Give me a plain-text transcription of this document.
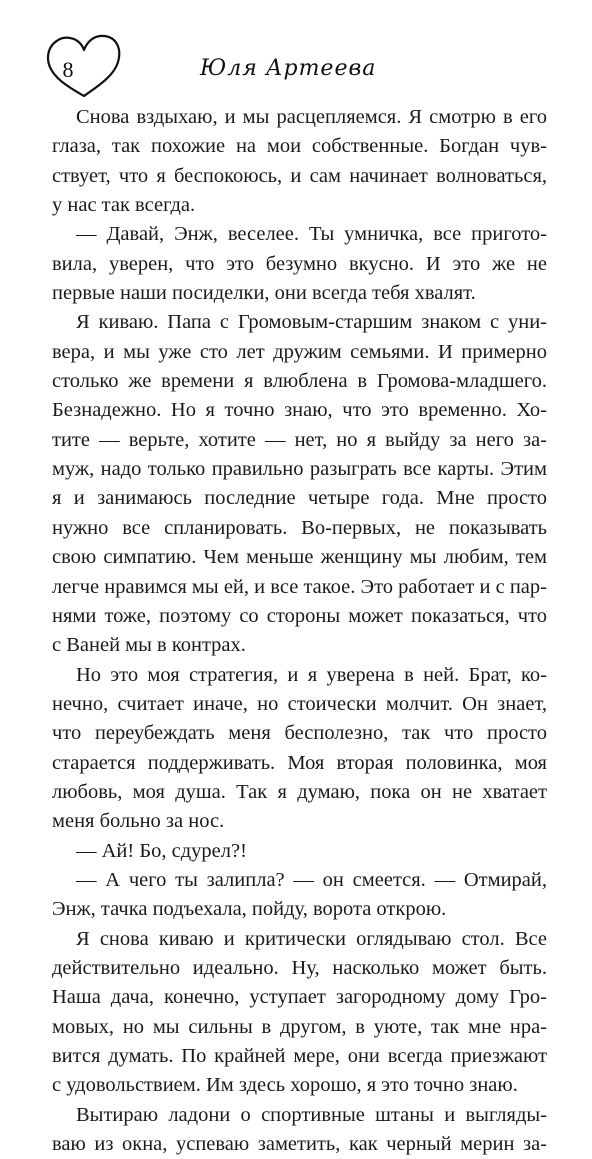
8	Юля Артеева
Снова вздыхаю, и мы расцепляемся. Я смотрю в его
глаза, так похожие на мои собственные. Богдан чув-
ствует, что я беспокоюсь, и сам начинает волноваться,
у нас так всегда.
— Давай, Энж, веселее. Ты умничка, все пригото-
вила, уверен, что это безумно вкусно. И это же не
первые наши посиделки, они всегда тебя хвалят.
Я киваю. Папа с Громовым-старшим знаком с уни-
вера, и мы уже сто лет дружим семьями. И примерно
столько же времени я влюблена в Громова-младшего.
Безнадежно. Но я точно знаю, что это временно. Хо-
тите — верьте, хотите — нет, но я выйду за него за-
муж, надо только правильно разыграть все карты. Этим
я и занимаюсь последние четыре года. Мне просто
нужно все спланировать. Во-первых, не показывать
свою симпатию. Чем меньше женщину мы любим, тем
легче нравимся мы ей, и все такое. Это работает и с пар-
нями тоже, поэтому со стороны может показаться, что
с Ваней мы в контрах.
Но это моя стратегия, и я уверена в ней. Брат, ко-
нечно, считает иначе, но стоически молчит. Он знает,
что переубеждать меня бесполезно, так что просто
старается поддерживать. Моя вторая половинка, моя
любовь, моя душа. Так я думаю, пока он не хватает
меня больно за нос.
— Ай! Бо, сдурел?!
— А чего ты залипла? — он смеется. — Отмирай,
Энж, тачка подъехала, пойду, ворота открою.
Я снова киваю и критически оглядываю стол. Все
действительно идеально. Ну, насколько может быть.
Наша дача, конечно, уступает загородному дому Гро-
мовых, но мы сильны в другом, в уюте, так мне нра-
вится думать. По крайней мере, они всегда приезжают
с удовольствием. Им здесь хорошо, я это точно знаю.
Вытираю ладони о спортивные штаны и выгляды-
ваю из окна, успеваю заметить, как черный мерин за-
